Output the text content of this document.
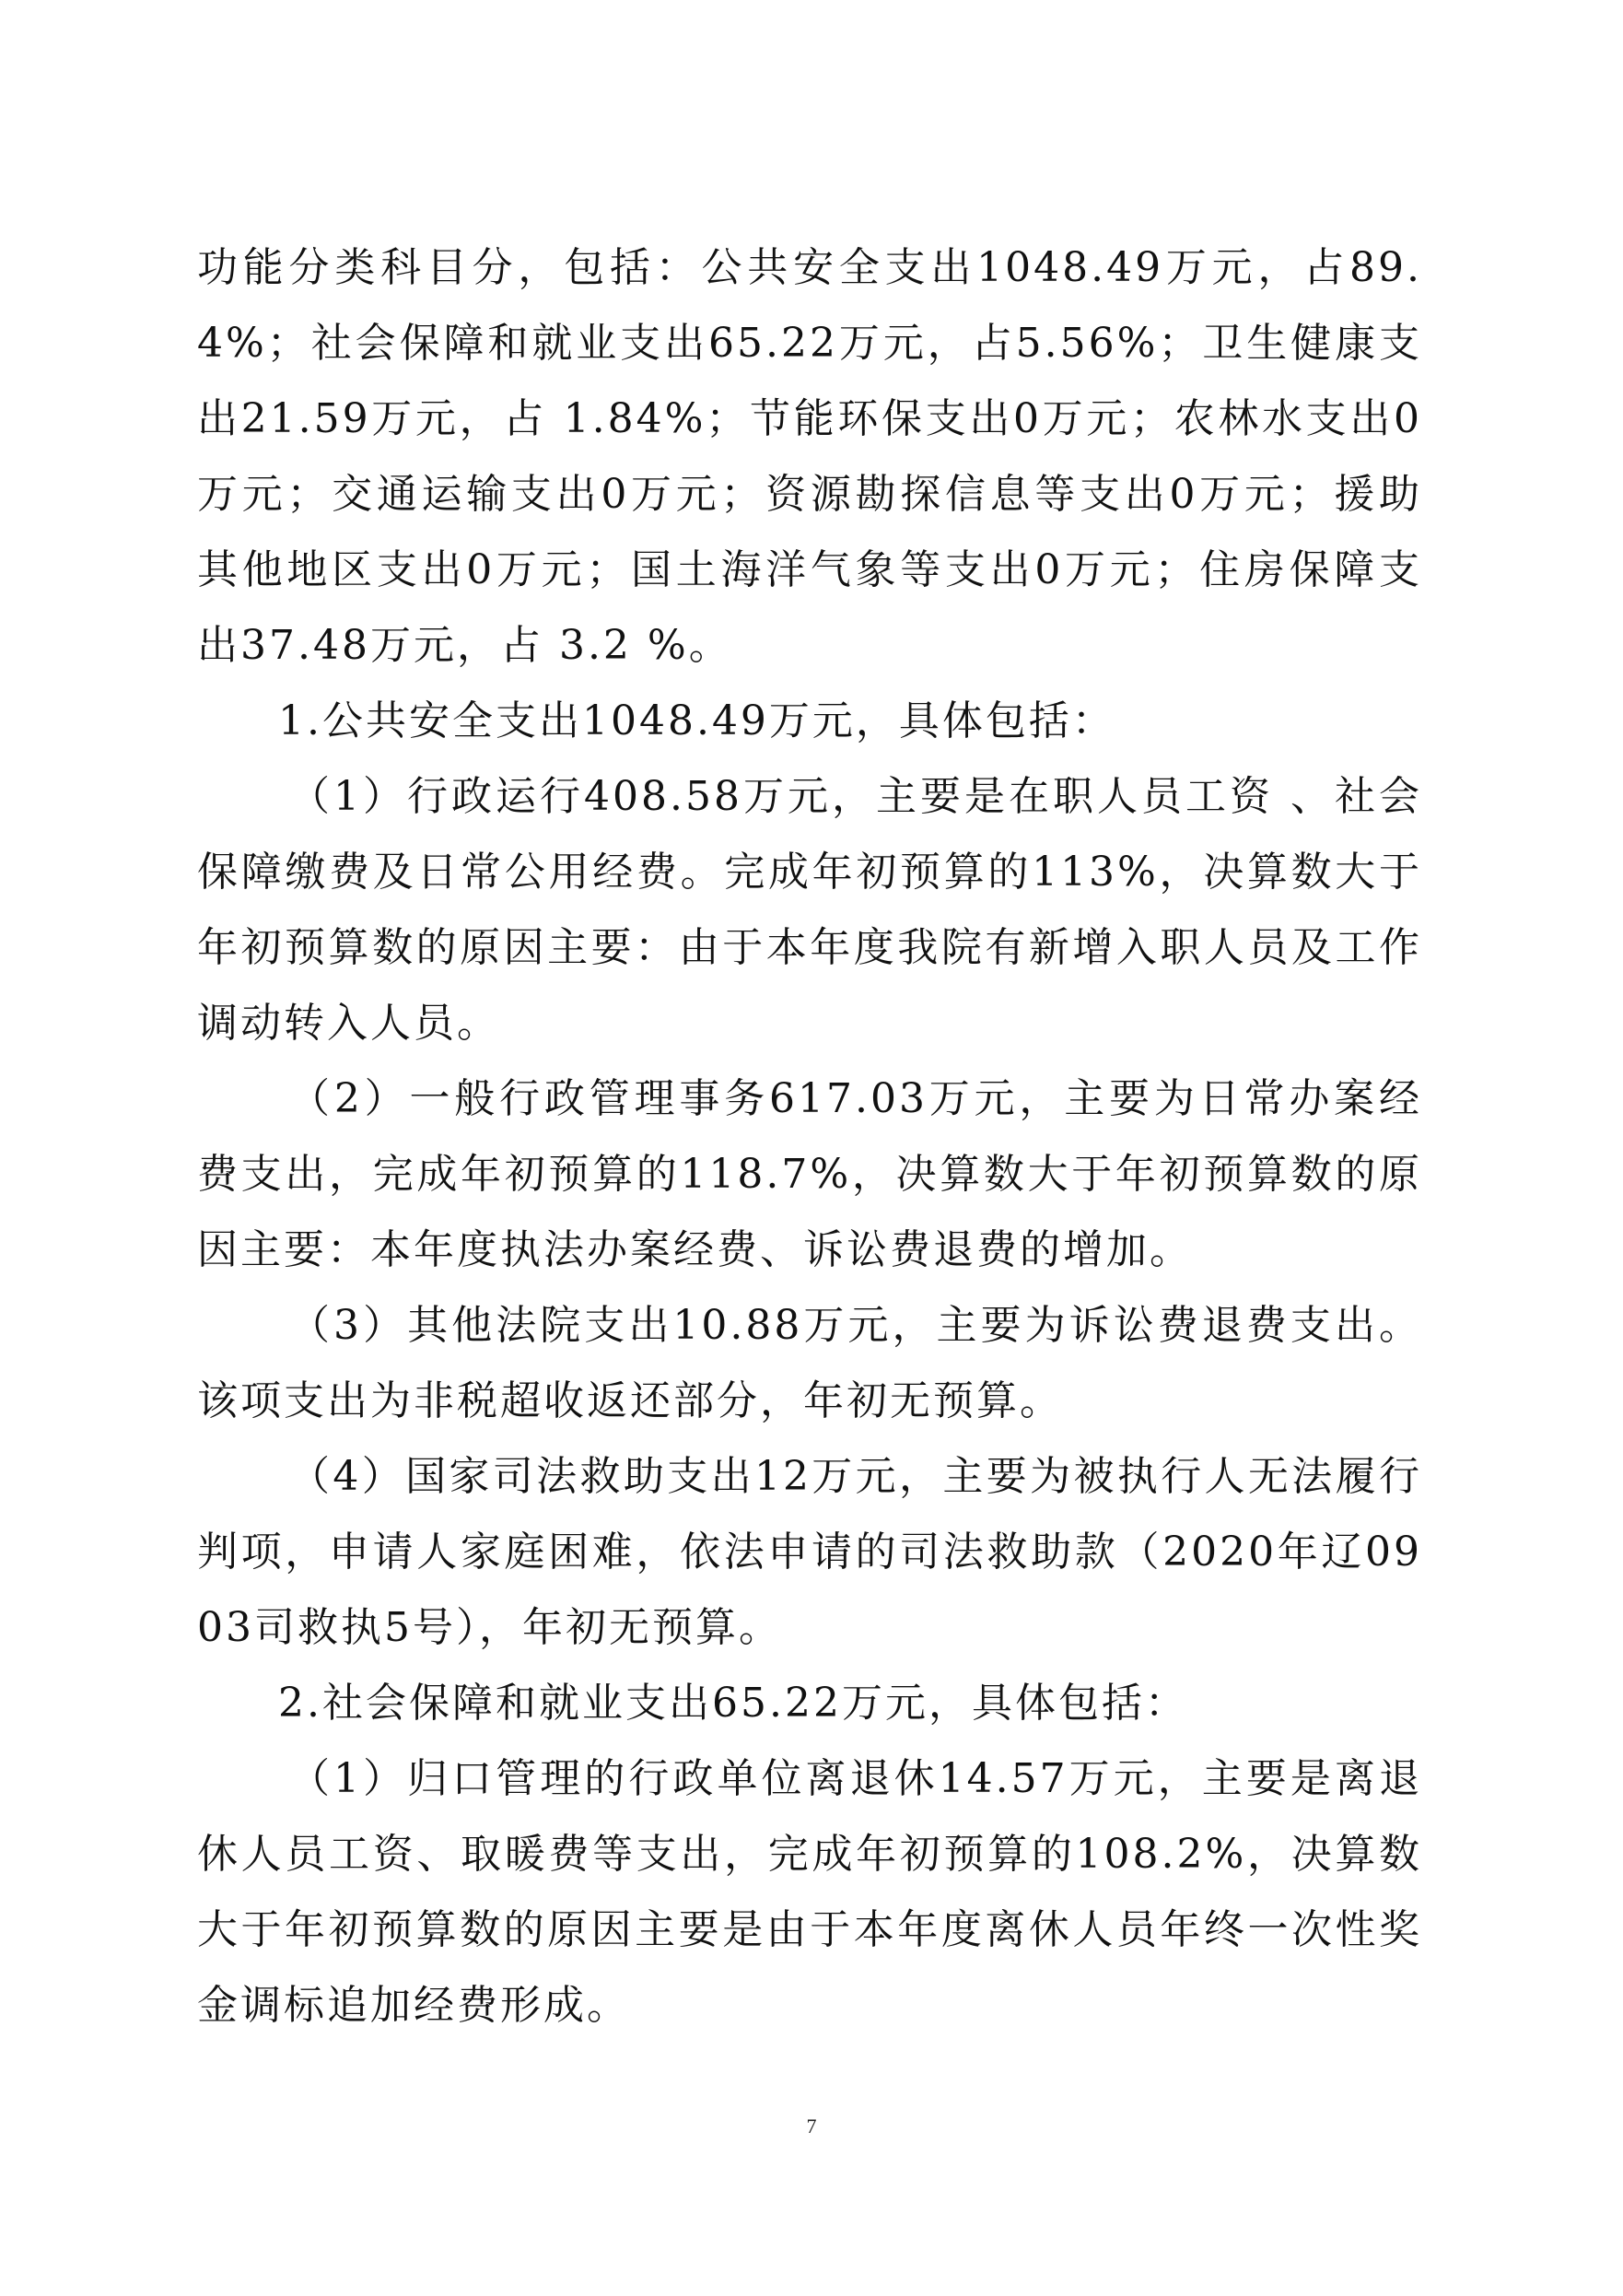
功能分类科目分，包括：公共安全支出1048.49万元，占89.4%；社会保障和就业支出65.22万元，占5.56%；卫生健康支出21.59万元，占 1.84%；节能环保支出0万元；农林水支出0万元；交通运输支出0万元；资源勘探信息等支出0万元；援助其他地区支出0万元；国土海洋气象等支出0万元；住房保障支出37.48万元，占 3.2 %。

1.公共安全支出1048.49万元，具体包括：

（1）行政运行408.58万元，主要是在职人员工资 、社会保障缴费及日常公用经费。完成年初预算的113%，决算数大于年初预算数的原因主要：由于本年度我院有新增入职人员及工作调动转入人员。

（2）一般行政管理事务617.03万元，主要为日常办案经费支出，完成年初预算的118.7%，决算数大于年初预算数的原因主要：本年度执法办案经费、诉讼费退费的增加。

（3）其他法院支出10.88万元，主要为诉讼费退费支出。该项支出为非税超收返还部分，年初无预算。

（4）国家司法救助支出12万元，主要为被执行人无法履行判项，申请人家庭困难，依法申请的司法救助款（2020年辽0903司救执5号），年初无预算。

2.社会保障和就业支出65.22万元，具体包括：

（1）归口管理的行政单位离退休14.57万元，主要是离退休人员工资、取暖费等支出，完成年初预算的108.2%，决算数大于年初预算数的原因主要是由于本年度离休人员年终一次性奖金调标追加经费形成。

7
